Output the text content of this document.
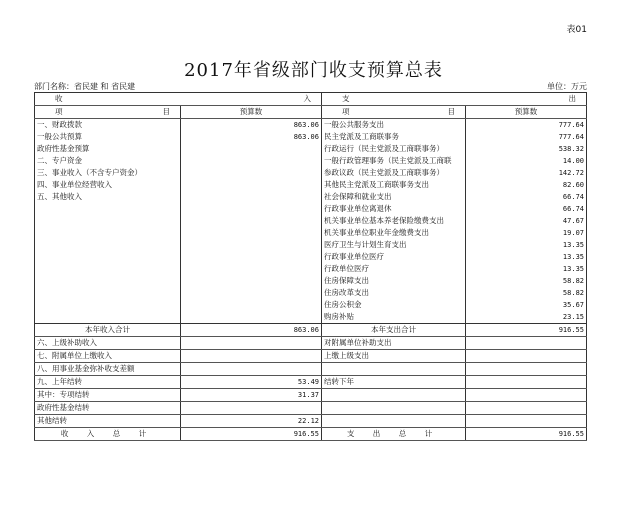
表01
2017年省级部门收支预算总表
部门名称：省民建 和 省民建	单位：万元
收 入		支 出	

项 目	预算数	项 目	预算数
一、财政拨款	863.06	一般公共服务支出	777.64
一般公共预算	863.06	民主党派及工商联事务	777.64
政府性基金预算		行政运行（民主党派及工商联事务）	538.32
二、专户资金		一般行政管理事务（民主党派及工商联	14.00
三、事业收入（不含专户资金）		参政议政（民主党派及工商联事务）	142.72
四、事业单位经营收入		其他民主党派及工商联事务支出	82.60
五、其他收入		社会保障和就业支出	66.74
		行政事业单位离退休	66.74
		机关事业单位基本养老保险缴费支出	47.67
		机关事业单位职业年金缴费支出	19.07
		医疗卫生与计划生育支出	13.35
		行政事业单位医疗	13.35
		行政单位医疗	13.35
		住房保障支出	58.82
		住房改革支出	58.82
		住房公积金	35.67
		购房补贴	23.15
本年收入合计	863.06	本年支出合计	916.55
六、上级补助收入		对附属单位补助支出	
七、附属单位上缴收入		上缴上级支出	
八、用事业基金弥补收支差额			
九、上年结转	53.49	结转下年	
其中：专项结转	31.37		
政府性基金结转			
其他结转	22.12		
收 入 总 计	916.55	支 出 总 计	916.55
